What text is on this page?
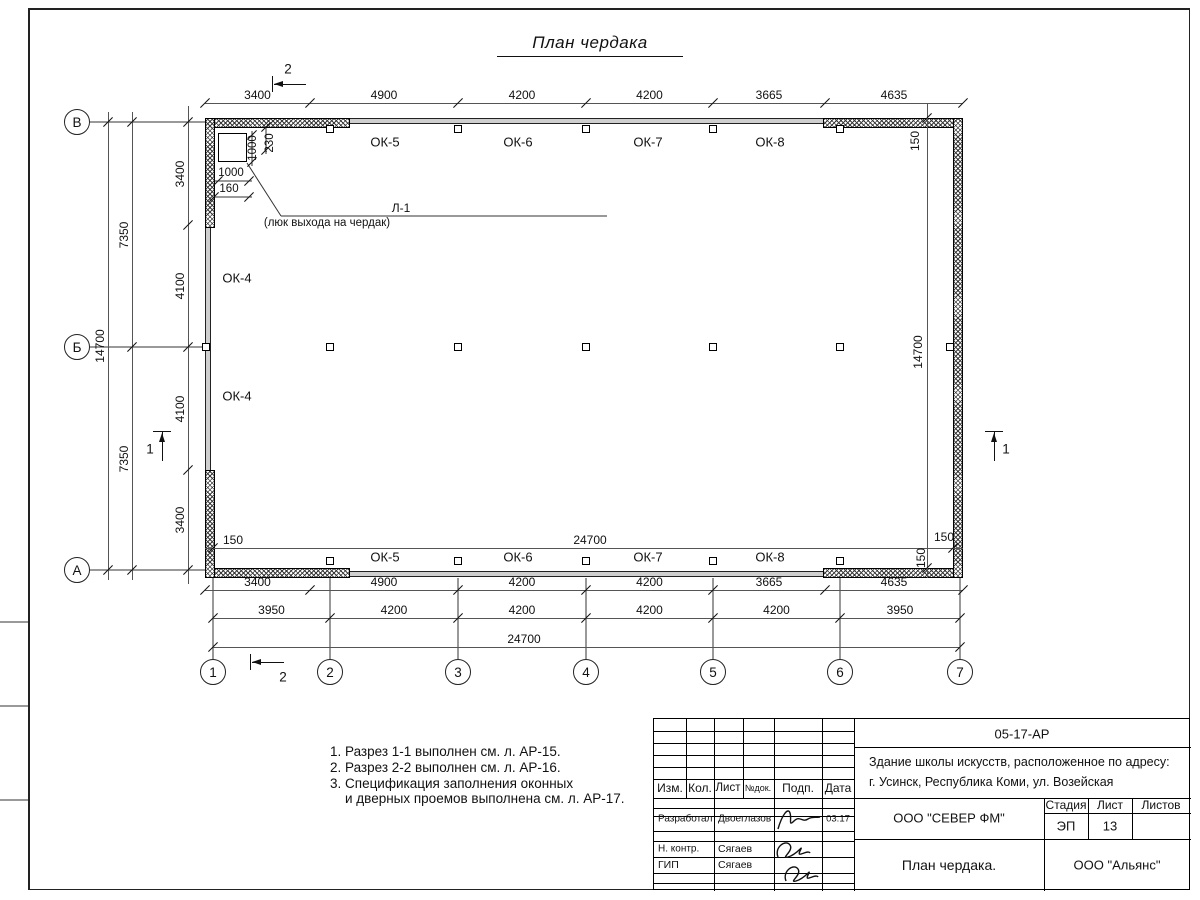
План чердака
3400	4900	4200	4200	3665	4635
3400	4900	4200	4200	3665	4635
3950	4200	4200	4200	4200	3950
14700
7350
7350
3400
4100
4100
3400
24700
150	24700	150
150
14700
150
ОК-5	ОК-6	ОК-7	ОК-8
ОК-5	ОК-6	ОК-7	ОК-8
ОК-4
ОК-4
1000 230
1000
160
Л-1
(люк выхода на чердак)
1	1
2
2
В
Б
А
1	2	3	4	5	6	7
1. Разрез 1-1 выполнен см. л. АР-15.
2. Разрез 2-2 выполнен см. л. АР-16.
3. Спецификация заполнения оконных
и дверных проемов выполнена см. л. АР-17.
Изм. Кол. Лист №док. Подп. Дата
Разработал Двоеглазов	03.17
Н. контр. Сягаев
ГИП	Сягаев
05-17-АР
Здание школы искусств, расположенное по адресу:
г. Усинск, Республика Коми, ул. Возейская
ООО "СЕВЕР ФМ"
Стадия Лист Листов
ЭП 13
План чердака.	ООО "Альянс"
